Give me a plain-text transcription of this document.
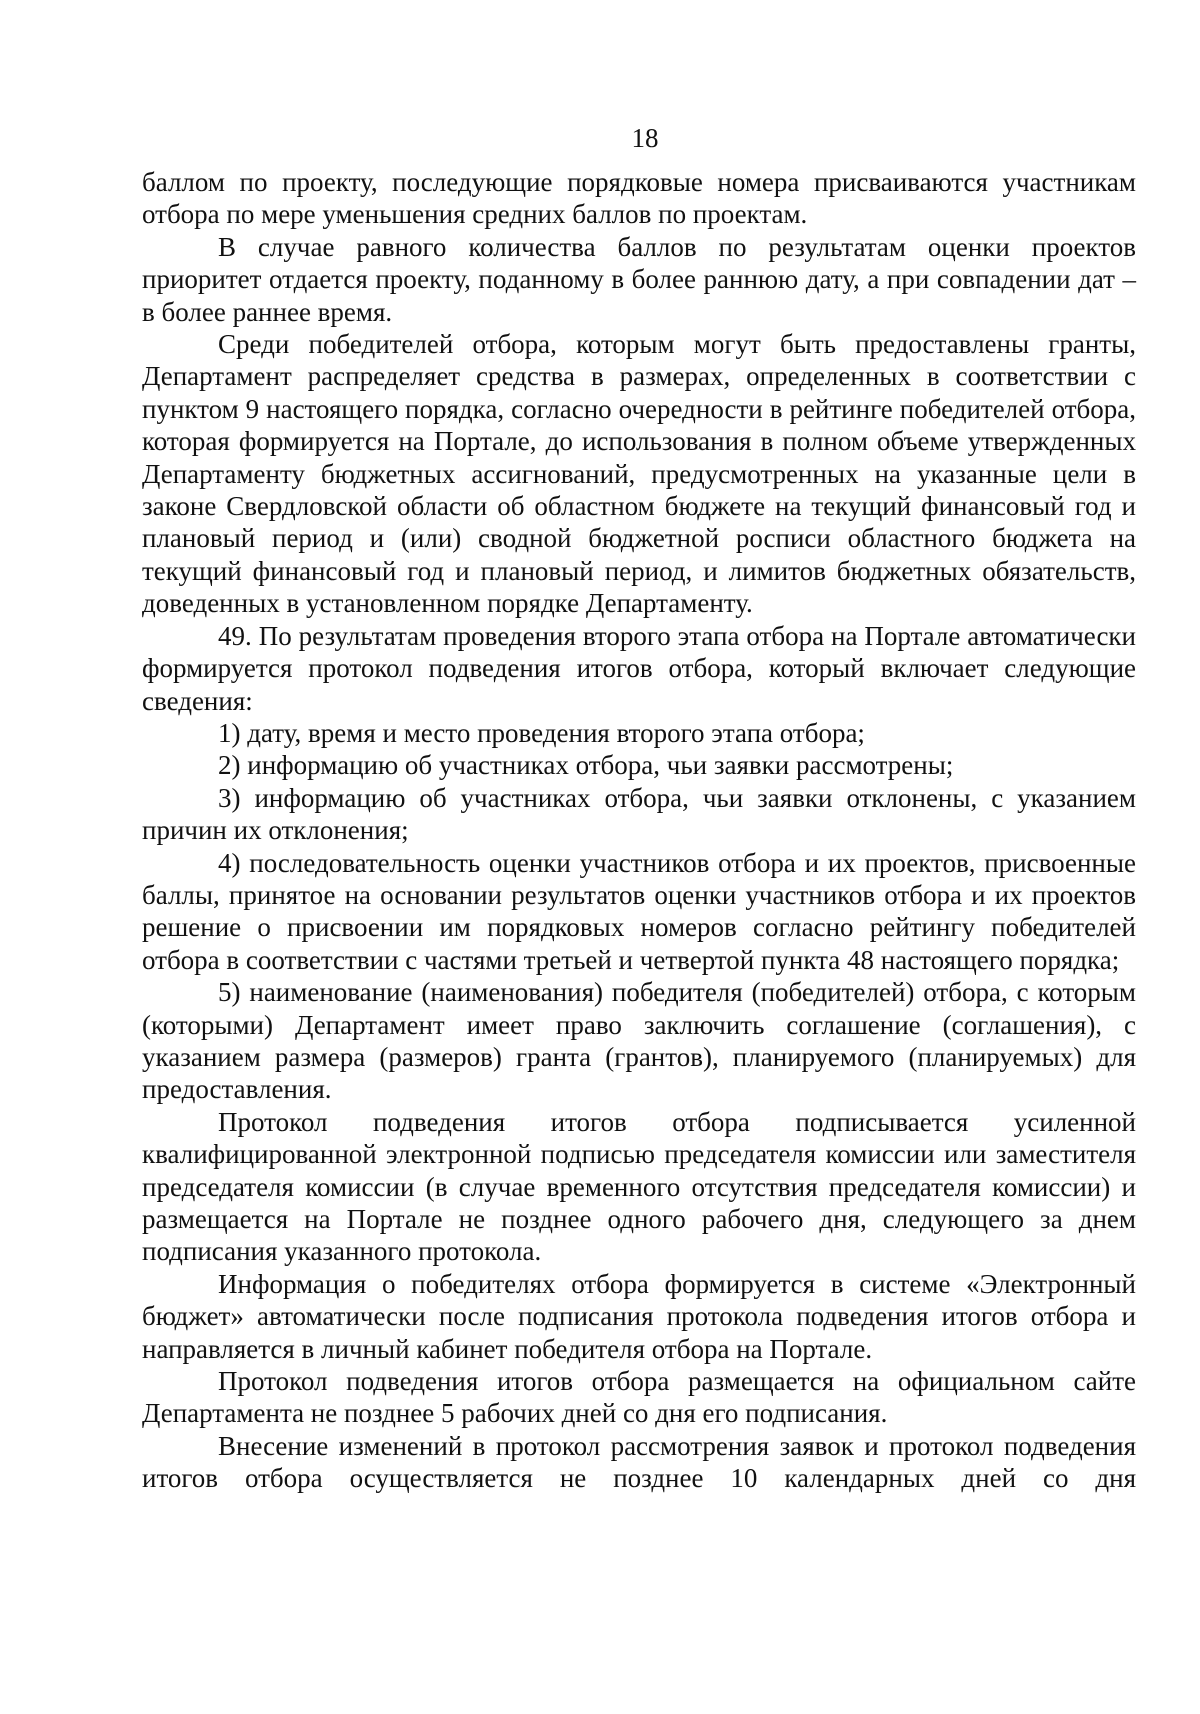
18

баллом по проекту, последующие порядковые номера присваиваются участникам отбора по мере уменьшения средних баллов по проектам.

В случае равного количества баллов по результатам оценки проектов приоритет отдается проекту, поданному в более раннюю дату, а при совпадении дат – в более раннее время.

Среди победителей отбора, которым могут быть предоставлены гранты, Департамент распределяет средства в размерах, определенных в соответствии с пунктом 9 настоящего порядка, согласно очередности в рейтинге победителей отбора, которая формируется на Портале, до использования в полном объеме утвержденных Департаменту бюджетных ассигнований, предусмотренных на указанные цели в законе Свердловской области об областном бюджете на текущий финансовый год и плановый период и (или) сводной бюджетной росписи областного бюджета на текущий финансовый год и плановый период, и лимитов бюджетных обязательств, доведенных в установленном порядке Департаменту.

49. По результатам проведения второго этапа отбора на Портале автоматически формируется протокол подведения итогов отбора, который включает следующие сведения:

1) дату, время и место проведения второго этапа отбора;

2) информацию об участниках отбора, чьи заявки рассмотрены;

3) информацию об участниках отбора, чьи заявки отклонены, с указанием причин их отклонения;

4) последовательность оценки участников отбора и их проектов, присвоенные баллы, принятое на основании результатов оценки участников отбора и их проектов решение о присвоении им порядковых номеров согласно рейтингу победителей отбора в соответствии с частями третьей и четвертой пункта 48 настоящего порядка;

5) наименование (наименования) победителя (победителей) отбора, с которым (которыми) Департамент имеет право заключить соглашение (соглашения), с указанием размера (размеров) гранта (грантов), планируемого (планируемых) для предоставления.

Протокол подведения итогов отбора подписывается усиленной квалифицированной электронной подписью председателя комиссии или заместителя председателя комиссии (в случае временного отсутствия председателя комиссии) и размещается на Портале не позднее одного рабочего дня, следующего за днем подписания указанного протокола.

Информация о победителях отбора формируется в системе «Электронный бюджет» автоматически после подписания протокола подведения итогов отбора и направляется в личный кабинет победителя отбора на Портале.

Протокол подведения итогов отбора размещается на официальном сайте Департамента не позднее 5 рабочих дней со дня его подписания.

Внесение изменений в протокол рассмотрения заявок и протокол подведения итогов отбора осуществляется не позднее 10 календарных дней со дня
